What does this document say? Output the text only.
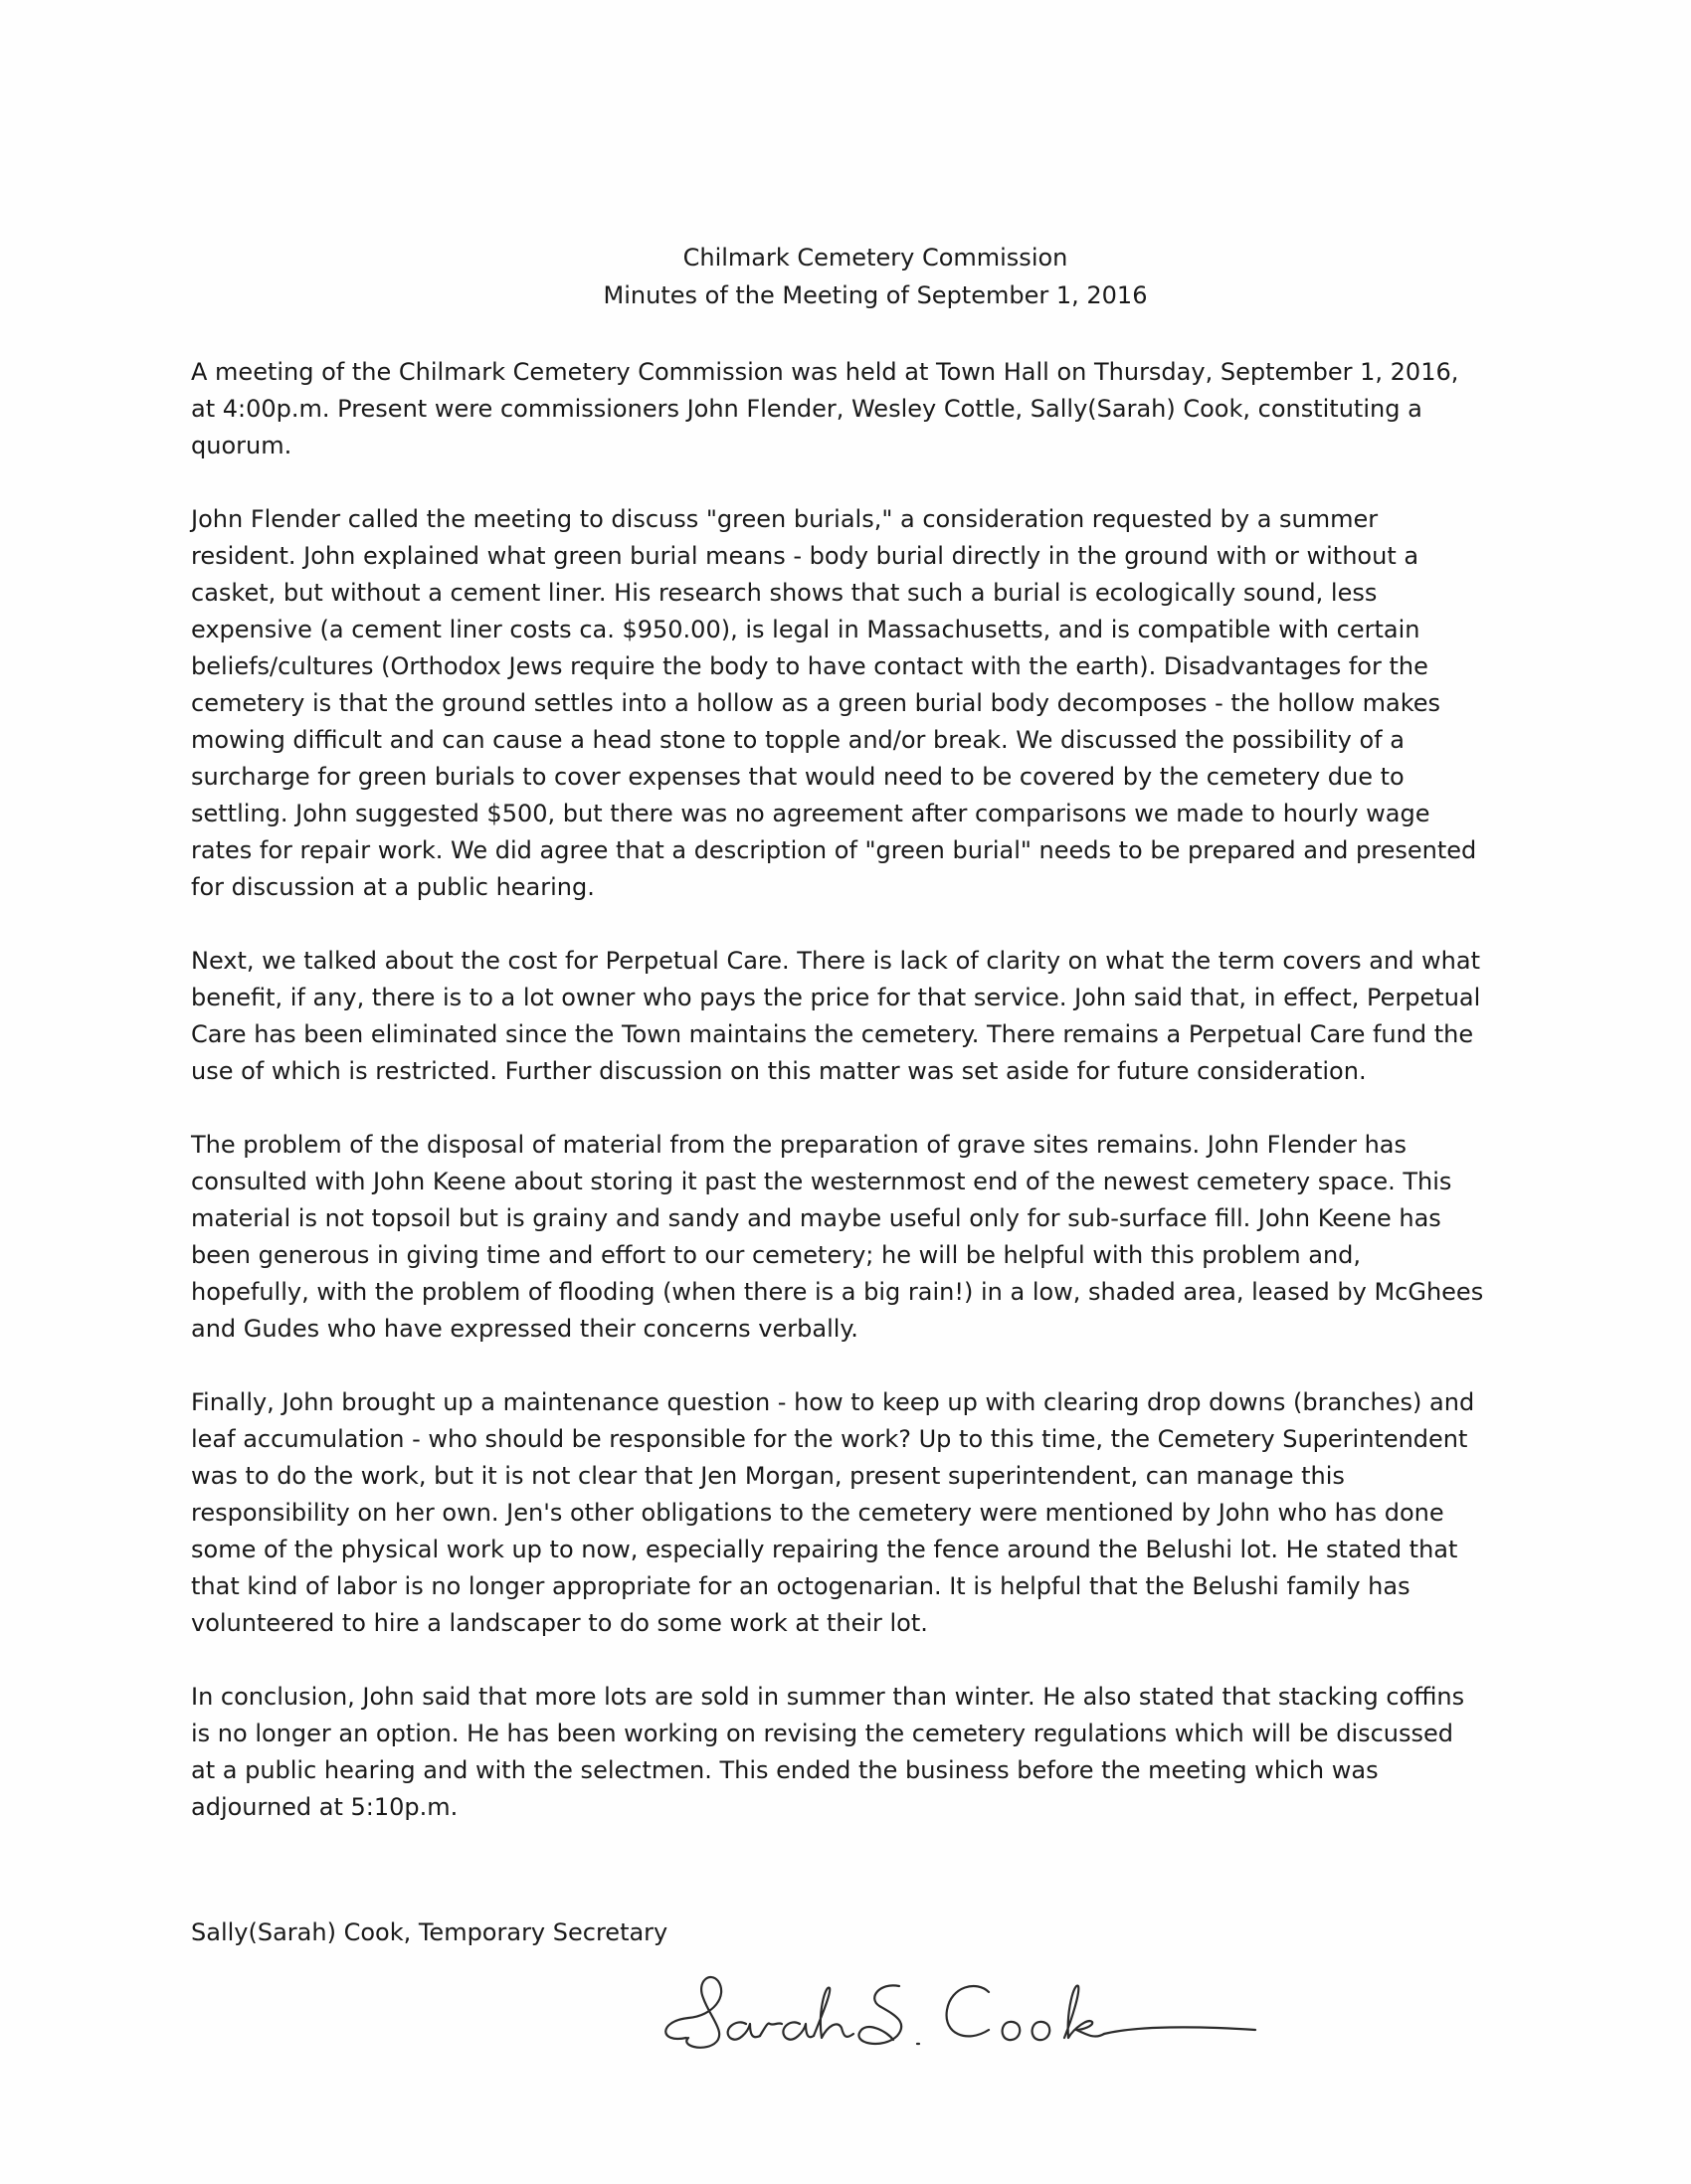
Chilmark Cemetery Commission
Minutes of the Meeting of September 1, 2016

A meeting of the Chilmark Cemetery Commission was held at Town Hall on Thursday, September 1, 2016, at 4:00p.m. Present were commissioners John Flender, Wesley Cottle, Sally(Sarah) Cook, constituting a quorum.

John Flender called the meeting to discuss "green burials," a consideration requested by a summer resident. John explained what green burial means - body burial directly in the ground with or without a casket, but without a cement liner. His research shows that such a burial is ecologically sound, less expensive (a cement liner costs ca. $950.00), is legal in Massachusetts, and is compatible with certain beliefs/cultures (Orthodox Jews require the body to have contact with the earth). Disadvantages for the cemetery is that the ground settles into a hollow as a green burial body decomposes - the hollow makes mowing difficult and can cause a head stone to topple and/or break. We discussed the possibility of a surcharge for green burials to cover expenses that would need to be covered by the cemetery due to settling. John suggested $500, but there was no agreement after comparisons we made to hourly wage rates for repair work. We did agree that a description of "green burial" needs to be prepared and presented for discussion at a public hearing.

Next, we talked about the cost for Perpetual Care. There is lack of clarity on what the term covers and what benefit, if any, there is to a lot owner who pays the price for that service. John said that, in effect, Perpetual Care has been eliminated since the Town maintains the cemetery. There remains a Perpetual Care fund the use of which is restricted. Further discussion on this matter was set aside for future consideration.

The problem of the disposal of material from the preparation of grave sites remains. John Flender has consulted with John Keene about storing it past the westernmost end of the newest cemetery space. This material is not topsoil but is grainy and sandy and maybe useful only for sub-surface fill. John Keene has been generous in giving time and effort to our cemetery; he will be helpful with this problem and, hopefully, with the problem of flooding (when there is a big rain!) in a low, shaded area, leased by McGhees and Gudes who have expressed their concerns verbally.

Finally, John brought up a maintenance question - how to keep up with clearing drop downs (branches) and leaf accumulation - who should be responsible for the work? Up to this time, the Cemetery Superintendent was to do the work, but it is not clear that Jen Morgan, present superintendent, can manage this responsibility on her own. Jen's other obligations to the cemetery were mentioned by John who has done some of the physical work up to now, especially repairing the fence around the Belushi lot. He stated that that kind of labor is no longer appropriate for an octogenarian. It is helpful that the Belushi family has volunteered to hire a landscaper to do some work at their lot.

In conclusion, John said that more lots are sold in summer than winter. He also stated that stacking coffins is no longer an option. He has been working on revising the cemetery regulations which will be discussed at a public hearing and with the selectmen. This ended the business before the meeting which was adjourned at 5:10p.m.

Sally(Sarah) Cook, Temporary Secretary
